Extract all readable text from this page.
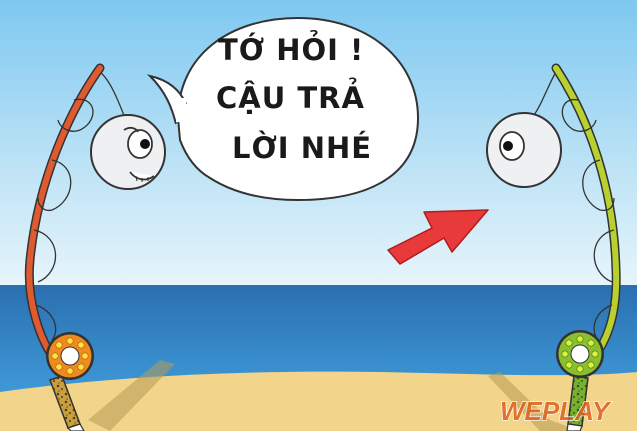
TỚ HỎI !
CẬU TRẢ
LỜI NHÉ
WEPLAY
